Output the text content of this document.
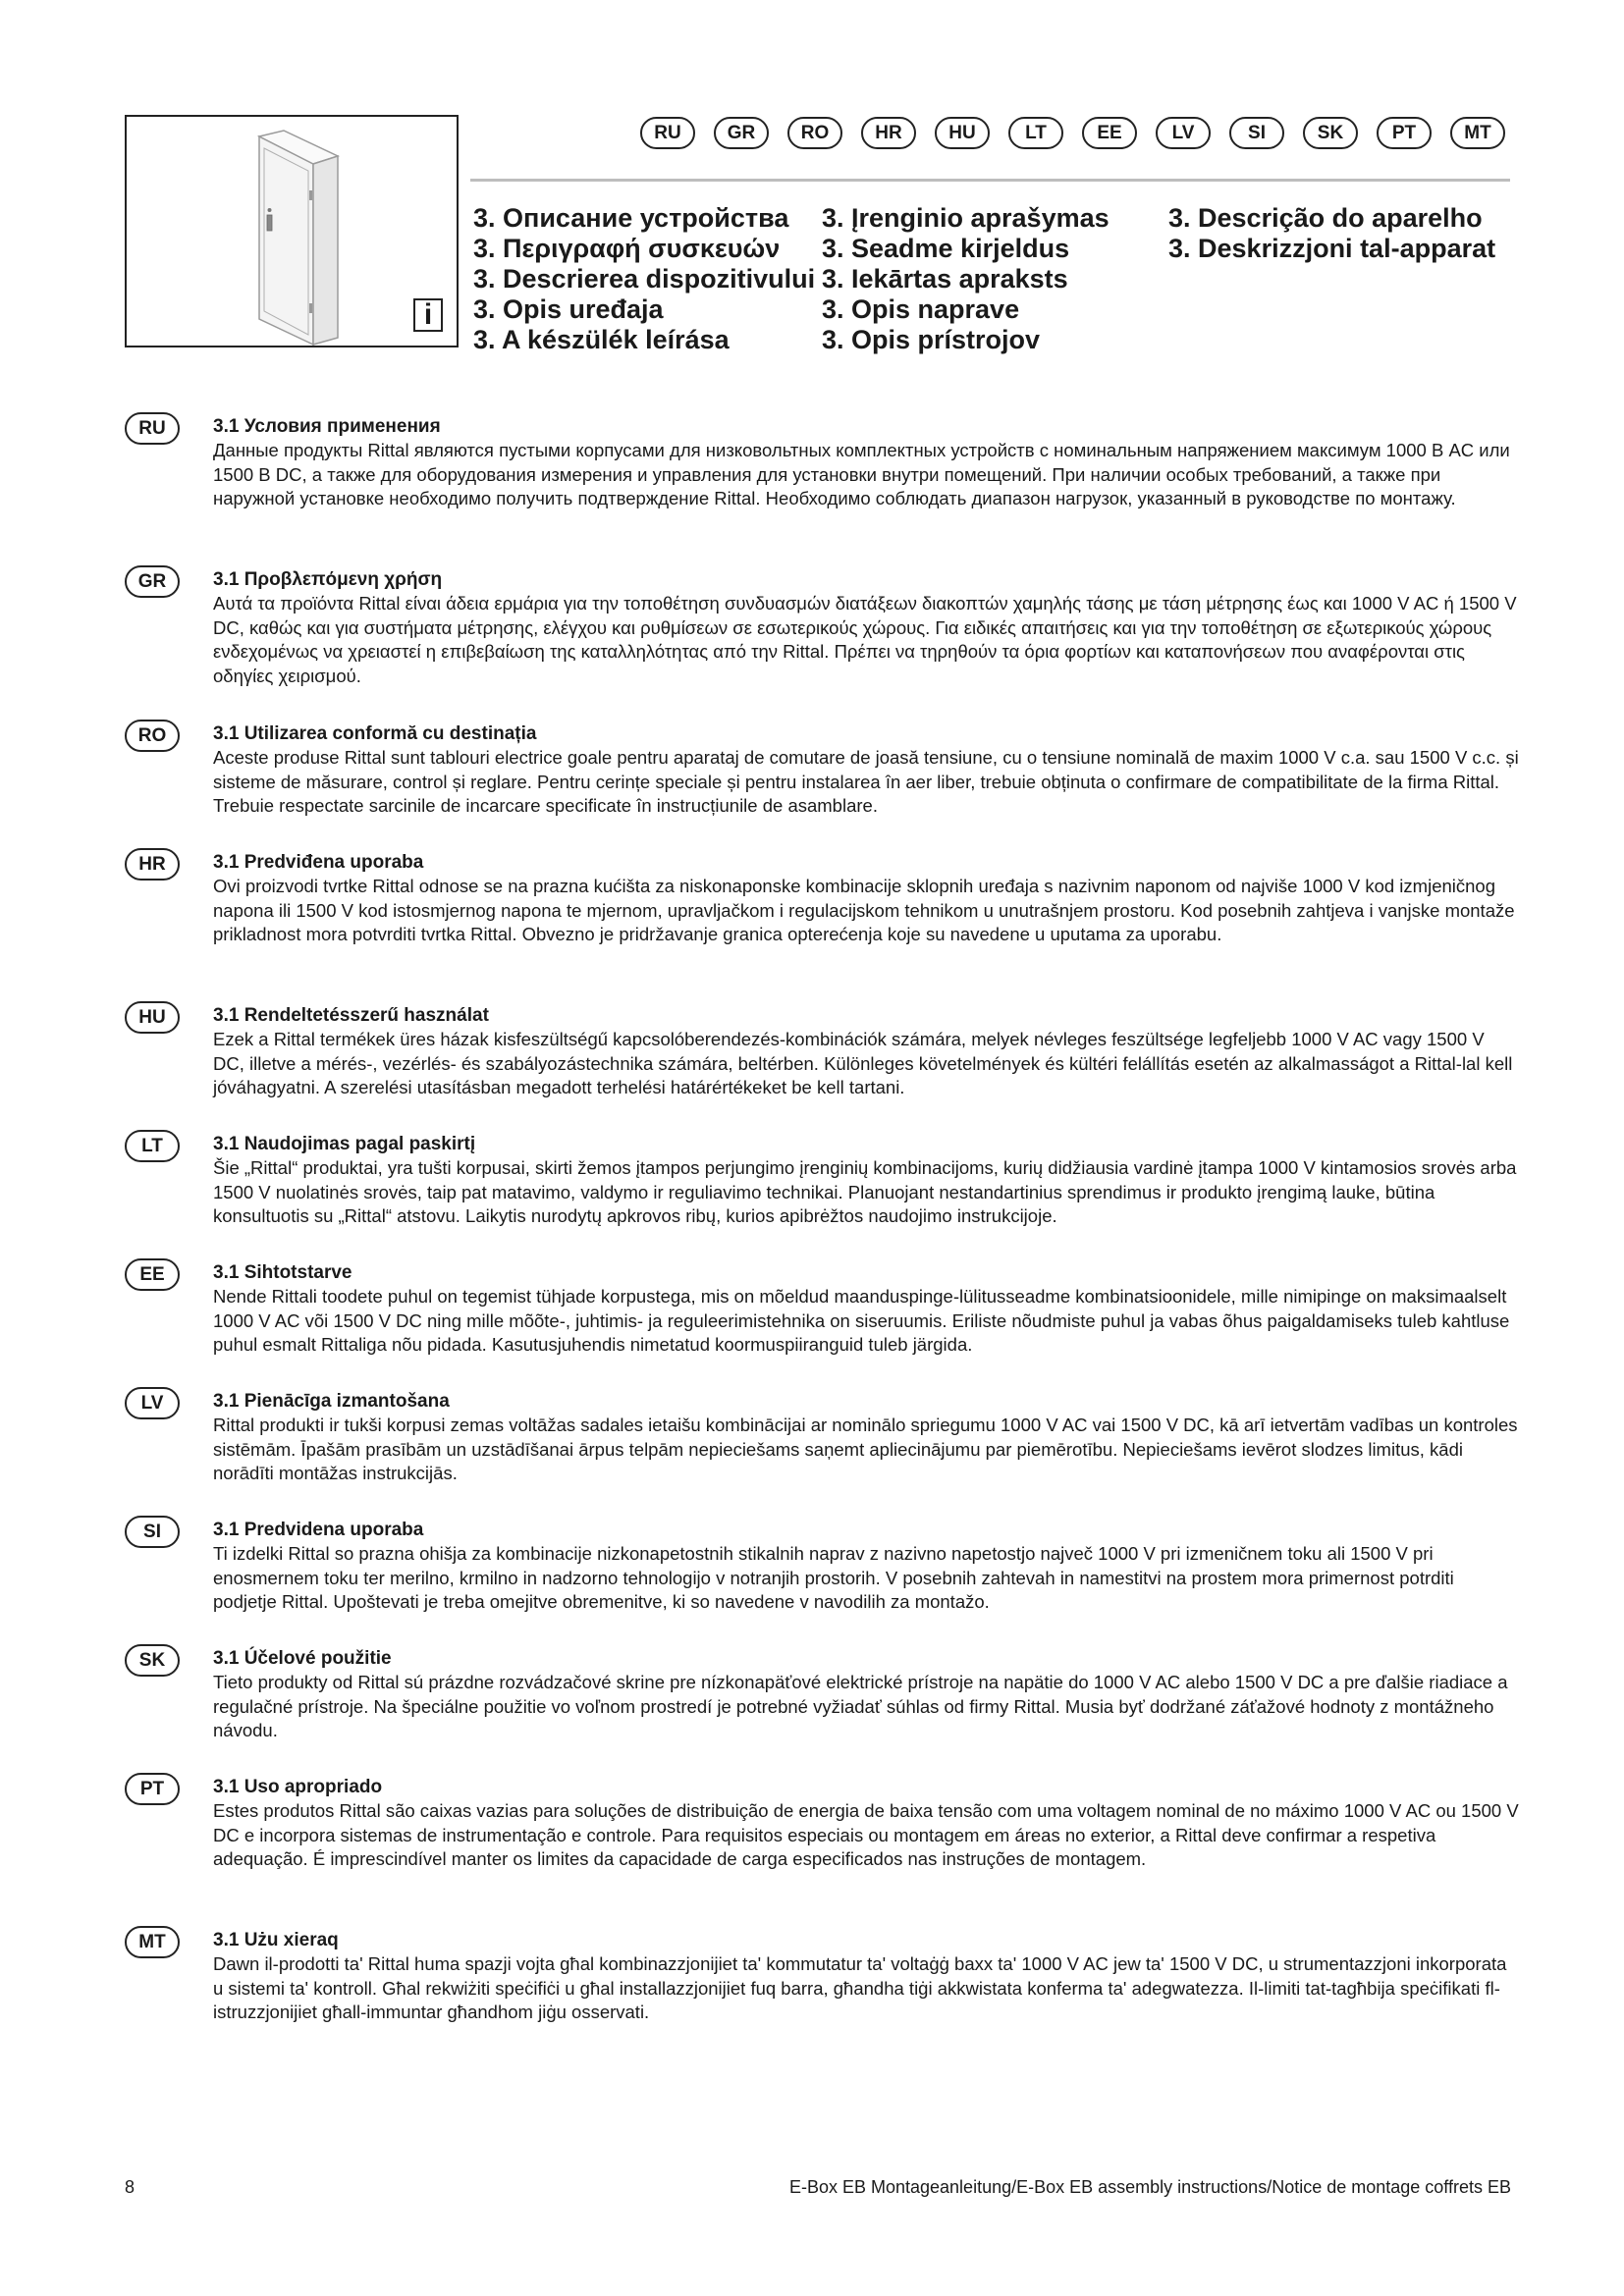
i
RU	GR	RO	HR	HU	LT	EE	LV	SI	SK	PT	MT
3. Описание устройства
3. Περιγραφή συσκευών
3. Descrierea dispozitivului
3. Opis uređaja
3. A készülék leírása
3. Įrenginio aprašymas
3. Seadme kirjeldus
3. Iekārtas apraksts
3. Opis naprave
3. Opis prístrojov
3. Descrição do aparelho
3. Deskrizzjoni tal-apparat
RU	3.1 Условия применения
Данные продукты Rittal являются пустыми корпусами для низковольтных комплектных устройств с номинальным напряжением максимум 1000 В AC или 1500 В DC, а также для оборудования измерения и управления для установки внутри помещений. При наличии особых требований, а также при наружной установке необходимо получить подтверждение Rittal. Необходимо соблюдать диапазон нагрузок, указанный в руководстве по монтажу.
GR	3.1 Προβλεπόμενη χρήση
Αυτά τα προϊόντα Rittal είναι άδεια ερμάρια για την τοποθέτηση συνδυασμών διατάξεων διακοπτών χαμηλής τάσης με τάση μέτρησης έως και 1000 V AC ή 1500 V DC, καθώς και για συστήματα μέτρησης, ελέγχου και ρυθμίσεων σε εσωτερικούς χώρους. Για ειδικές απαιτήσεις και για την τοποθέτηση σε εξωτερικούς χώρους ενδεχομένως να χρειαστεί η επιβεβαίωση της καταλληλότητας από την Rittal. Πρέπει να τηρηθούν τα όρια φορτίων και καταπονήσεων που αναφέρονται στις οδηγίες χειρισμού.
RO	3.1 Utilizarea conformă cu destinația
Aceste produse Rittal sunt tablouri electrice goale pentru aparataj de comutare de joasă tensiune, cu o tensiune nominală de maxim 1000 V c.a. sau 1500 V c.c. și sisteme de măsurare, control și reglare. Pentru cerințe speciale și pentru instalarea în aer liber, trebuie obținuta o confirmare de compatibilitate de la firma Rittal. Trebuie respectate sarcinile de incarcare specificate în instrucțiunile de asamblare.
HR	3.1 Predviđena uporaba
Ovi proizvodi tvrtke Rittal odnose se na prazna kućišta za niskonaponske kombinacije sklopnih uređaja s nazivnim naponom od najviše 1000 V kod izmjeničnog napona ili 1500 V kod istosmjernog napona te mjernom, upravljačkom i regulacijskom tehnikom u unutrašnjem prostoru. Kod posebnih zahtjeva i vanjske montaže prikladnost mora potvrditi tvrtka Rittal. Obvezno je pridržavanje granica opterećenja koje su navedene u uputama za uporabu.
HU	3.1 Rendeltetésszerű használat
Ezek a Rittal termékek üres házak kisfeszültségű kapcsolóberendezés-kombinációk számára, melyek névleges feszültsége legfeljebb 1000 V AC vagy 1500 V DC, illetve a mérés-, vezérlés- és szabályozástechnika számára, beltérben. Különleges követelmények és kültéri felállítás esetén az alkalmasságot a Rittal-lal kell jóváhagyatni. A szerelési utasításban megadott terhelési határértékeket be kell tartani.
LT	3.1 Naudojimas pagal paskirtį
Šie „Rittal“ produktai, yra tušti korpusai, skirti žemos įtampos perjungimo įrenginių kombinacijoms, kurių didžiausia vardinė įtampa 1000 V kintamosios srovės arba 1500 V nuolatinės srovės, taip pat matavimo, valdymo ir reguliavimo technikai. Planuojant nestandartinius sprendimus ir produkto įrengimą lauke, būtina konsultuotis su „Rittal“ atstovu. Laikytis nurodytų apkrovos ribų, kurios apibrėžtos naudojimo instrukcijoje.
EE	3.1 Sihtotstarve
Nende Rittali toodete puhul on tegemist tühjade korpustega, mis on mõeldud maanduspinge-lülitusseadme kombinatsioonidele, mille nimipinge on maksimaalselt 1000 V AC või 1500 V DC ning mille mõõte-, juhtimis- ja reguleerimistehnika on siseruumis. Eriliste nõudmiste puhul ja vabas õhus paigaldamiseks tuleb kahtluse puhul esmalt Rittaliga nõu pidada. Kasutusjuhendis nimetatud koormuspiiranguid tuleb järgida.
LV	3.1 Pienācīga izmantošana
Rittal produkti ir tukši korpusi zemas voltāžas sadales ietaišu kombinācijai ar nominālo spriegumu 1000 V AC vai 1500 V DC, kā arī ietvertām vadības un kontroles sistēmām. Īpašām prasībām un uzstādīšanai ārpus telpām nepieciešams saņemt apliecinājumu par piemērotību. Nepieciešams ievērot slodzes limitus, kādi norādīti montāžas instrukcijās.
SI	3.1 Predvidena uporaba
Ti izdelki Rittal so prazna ohišja za kombinacije nizkonapetostnih stikalnih naprav z nazivno napetostjo največ 1000 V pri izmeničnem toku ali 1500 V pri enosmernem toku ter merilno, krmilno in nadzorno tehnologijo v notranjih prostorih. V posebnih zahtevah in namestitvi na prostem mora primernost potrditi podjetje Rittal. Upoštevati je treba omejitve obremenitve, ki so navedene v navodilih za montažo.
SK	3.1 Účelové použitie
Tieto produkty od Rittal sú prázdne rozvádzačové skrine pre nízkonapäťové elektrické prístroje na napätie do 1000 V AC alebo 1500 V DC a pre ďalšie riadiace a regulačné prístroje. Na špeciálne použitie vo voľnom prostredí je potrebné vyžiadať súhlas od firmy Rittal. Musia byť dodržané záťažové hodnoty z montážneho návodu.
PT	3.1 Uso apropriado
Estes produtos Rittal são caixas vazias para soluções de distribuição de energia de baixa tensão com uma voltagem nominal de no máximo 1000 V AC ou 1500 V DC e incorpora sistemas de instrumentação e controle. Para requisitos especiais ou montagem em áreas no exterior, a Rittal deve confirmar a respetiva adequação. É imprescindível manter os limites da capacidade de carga especificados nas instruções de montagem.
MT	3.1 Użu xieraq
Dawn il-prodotti ta' Rittal huma spazji vojta għal kombinazzjonijiet ta' kommutatur ta' voltaġġ baxx ta' 1000 V AC jew ta' 1500 V DC, u strumentazzjoni inkorporata u sistemi ta' kontroll. Għal rekwiżiti speċifiċi u għal installazzjonijiet fuq barra, għandha tiġi akkwistata konferma ta' adegwatezza. Il-limiti tat-tagħbija speċifikati fl-istruzzjonijiet għall-immuntar għandhom jiġu osservati.
8	E-Box EB Montageanleitung/E-Box EB assembly instructions/Notice de montage coffrets EB
